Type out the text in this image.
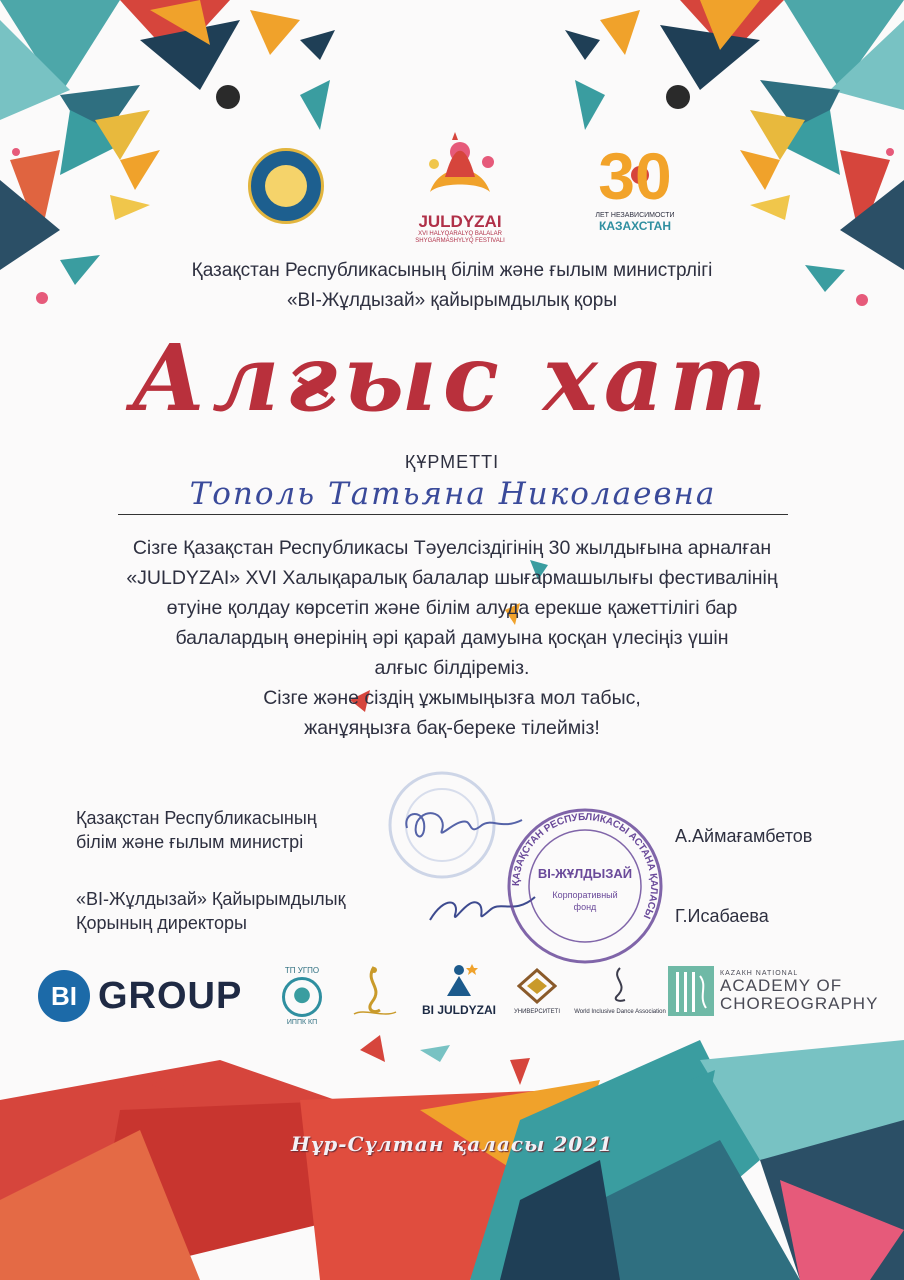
JULDYZAI
XVI HALYQARALYQ BALALAR SHYGARMASHYLYQ FESTIVALI
30
ЛЕТ НЕЗАВИСИМОСТИ
КАЗАХСТАН
Қазақстан Республикасының білім және ғылым министрлігі
«BI-Жұлдызай» қайырымдылық қоры
Алғыс хат
ҚҰРМЕТТІ
Тополь Татьяна Николаевна
Сізге Қазақстан Республикасы Тәуелсіздігінің 30 жылдығына арналған
«JULDYZAI» XVI Халықаралық балалар шығармашылығы фестивалінің
өтуіне қолдау көрсетіп және білім алуда ерекше қажеттілігі бар
балалардың өнерінің әрі қарай дамуына қосқан үлесіңіз үшін
алғыс білдіреміз.
Сізге және сіздің ұжымыңызға мол табыс,
жанұяңызға бақ-береке тілейміз!
Қазақстан Республикасының
білім және ғылым министрі	А.Аймағамбетов
«BI-Жұлдызай» Қайырымдылық
Қорының директоры	Г.Исабаева
ҚАЗАҚСТАН РЕСПУБЛИКАСЫ АСТАНА ҚАЛАСЫ
BI-ЖҰЛДЫЗАЙ
Корпоративный
фонд
BI GROUP
ТП УГПО
ИППК КП
BI JULDYZAI	УНИВЕРСИТЕТІ	World Inclusive Dance Association
КАZАКН NATIONAL
ACADEMY OF
CHOREOGRAPHY
Нұр-Сұлтан қаласы 2021
